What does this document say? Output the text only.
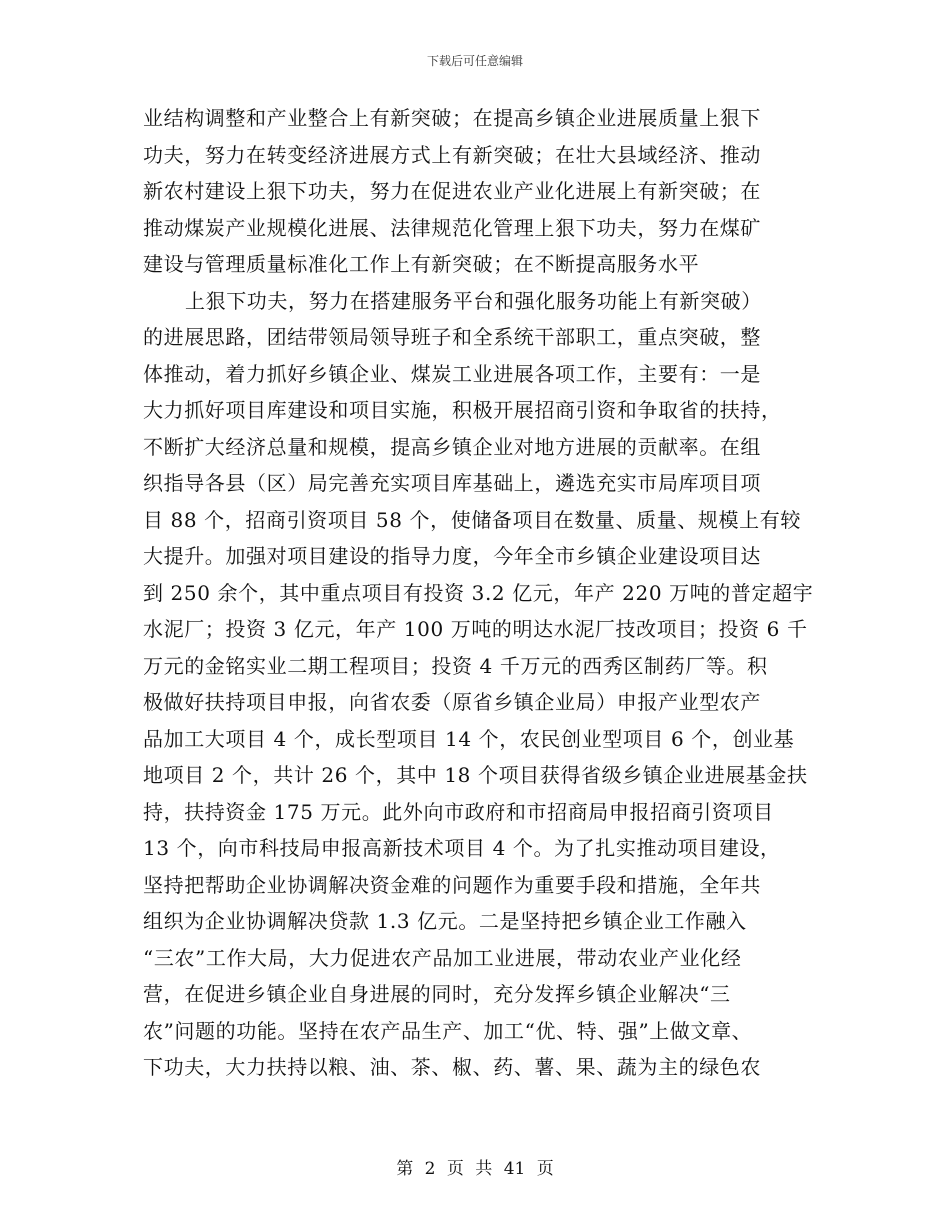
下载后可任意编辑
业结构调整和产业整合上有新突破；在提高乡镇企业进展质量上狠下
功夫，努力在转变经济进展方式上有新突破；在壮大县域经济、推动
新农村建设上狠下功夫，努力在促进农业产业化进展上有新突破；在
推动煤炭产业规模化进展、法律规范化管理上狠下功夫，努力在煤矿
建设与管理质量标准化工作上有新突破；在不断提高服务水平
上狠下功夫，努力在搭建服务平台和强化服务功能上有新突破）
的进展思路，团结带领局领导班子和全系统干部职工，重点突破，整
体推动，着力抓好乡镇企业、煤炭工业进展各项工作，主要有：一是
大力抓好项目库建设和项目实施，积极开展招商引资和争取省的扶持，
不断扩大经济总量和规模，提高乡镇企业对地方进展的贡献率。在组
织指导各县（区）局完善充实项目库基础上，遴选充实市局库项目项
目 88 个，招商引资项目 58 个，使储备项目在数量、质量、规模上有较
大提升。加强对项目建设的指导力度，今年全市乡镇企业建设项目达
到 250 余个，其中重点项目有投资 3.2 亿元，年产 220 万吨的普定超宇
水泥厂；投资 3 亿元，年产 100 万吨的明达水泥厂技改项目；投资 6 千
万元的金铭实业二期工程项目；投资 4 千万元的西秀区制药厂等。积
极做好扶持项目申报，向省农委（原省乡镇企业局）申报产业型农产
品加工大项目 4 个，成长型项目 14 个，农民创业型项目 6 个，创业基
地项目 2 个，共计 26 个，其中 18 个项目获得省级乡镇企业进展基金扶
持，扶持资金 175 万元。此外向市政府和市招商局申报招商引资项目
13 个，向市科技局申报高新技术项目 4 个。为了扎实推动项目建设，
坚持把帮助企业协调解决资金难的问题作为重要手段和措施，全年共
组织为企业协调解决贷款 1.3 亿元。二是坚持把乡镇企业工作融入
“三农”工作大局，大力促进农产品加工业进展，带动农业产业化经
营，在促进乡镇企业自身进展的同时，充分发挥乡镇企业解决“三
农”问题的功能。坚持在农产品生产、加工“优、特、强”上做文章、
下功夫，大力扶持以粮、油、茶、椒、药、薯、果、蔬为主的绿色农
第 2 页 共 41 页
